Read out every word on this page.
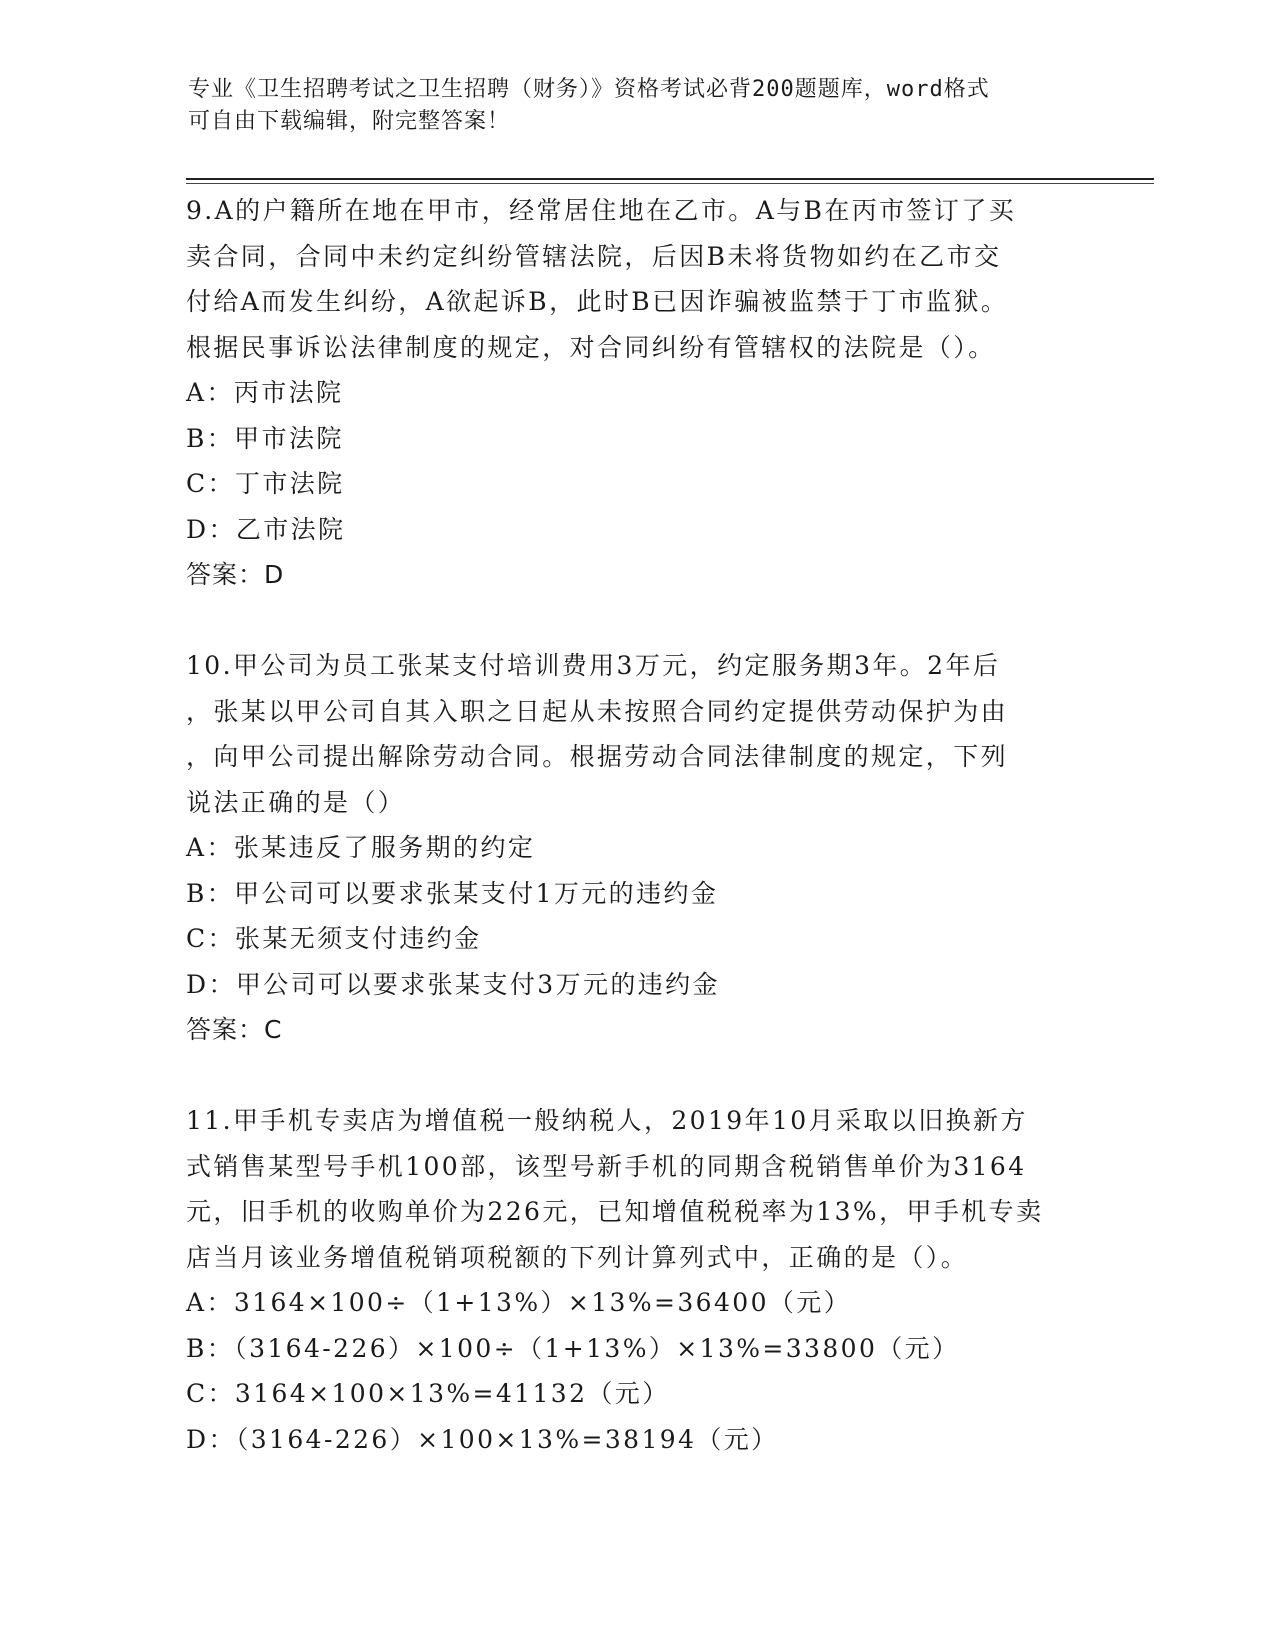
专业《卫生招聘考试之卫生招聘（财务）》资格考试必背200题题库，word格式
可自由下载编辑，附完整答案！
9.A的户籍所在地在甲市，经常居住地在乙市。A与B在丙市签订了买
卖合同，合同中未约定纠纷管辖法院，后因B未将货物如约在乙市交
付给A而发生纠纷，A欲起诉B，此时B已因诈骗被监禁于丁市监狱。
根据民事诉讼法律制度的规定，对合同纠纷有管辖权的法院是（）。
A：丙市法院
B：甲市法院
C：丁市法院
D：乙市法院
答案：D
10.甲公司为员工张某支付培训费用3万元，约定服务期3年。2年后
，张某以甲公司自其入职之日起从未按照合同约定提供劳动保护为由
，向甲公司提出解除劳动合同。根据劳动合同法律制度的规定，下列
说法正确的是（）
A：张某违反了服务期的约定
B：甲公司可以要求张某支付1万元的违约金
C：张某无须支付违约金
D：甲公司可以要求张某支付3万元的违约金
答案：C
11.甲手机专卖店为增值税一般纳税人，2019年10月采取以旧换新方
式销售某型号手机100部，该型号新手机的同期含税销售单价为3164
元，旧手机的收购单价为226元，已知增值税税率为13%，甲手机专卖
店当月该业务增值税销项税额的下列计算列式中，正确的是（）。
A：3164×100÷（1+13%）×13%=36400（元）
B：（3164-226）×100÷（1+13%）×13%=33800（元）
C：3164×100×13%=41132（元）
D：（3164-226）×100×13%=38194（元）
